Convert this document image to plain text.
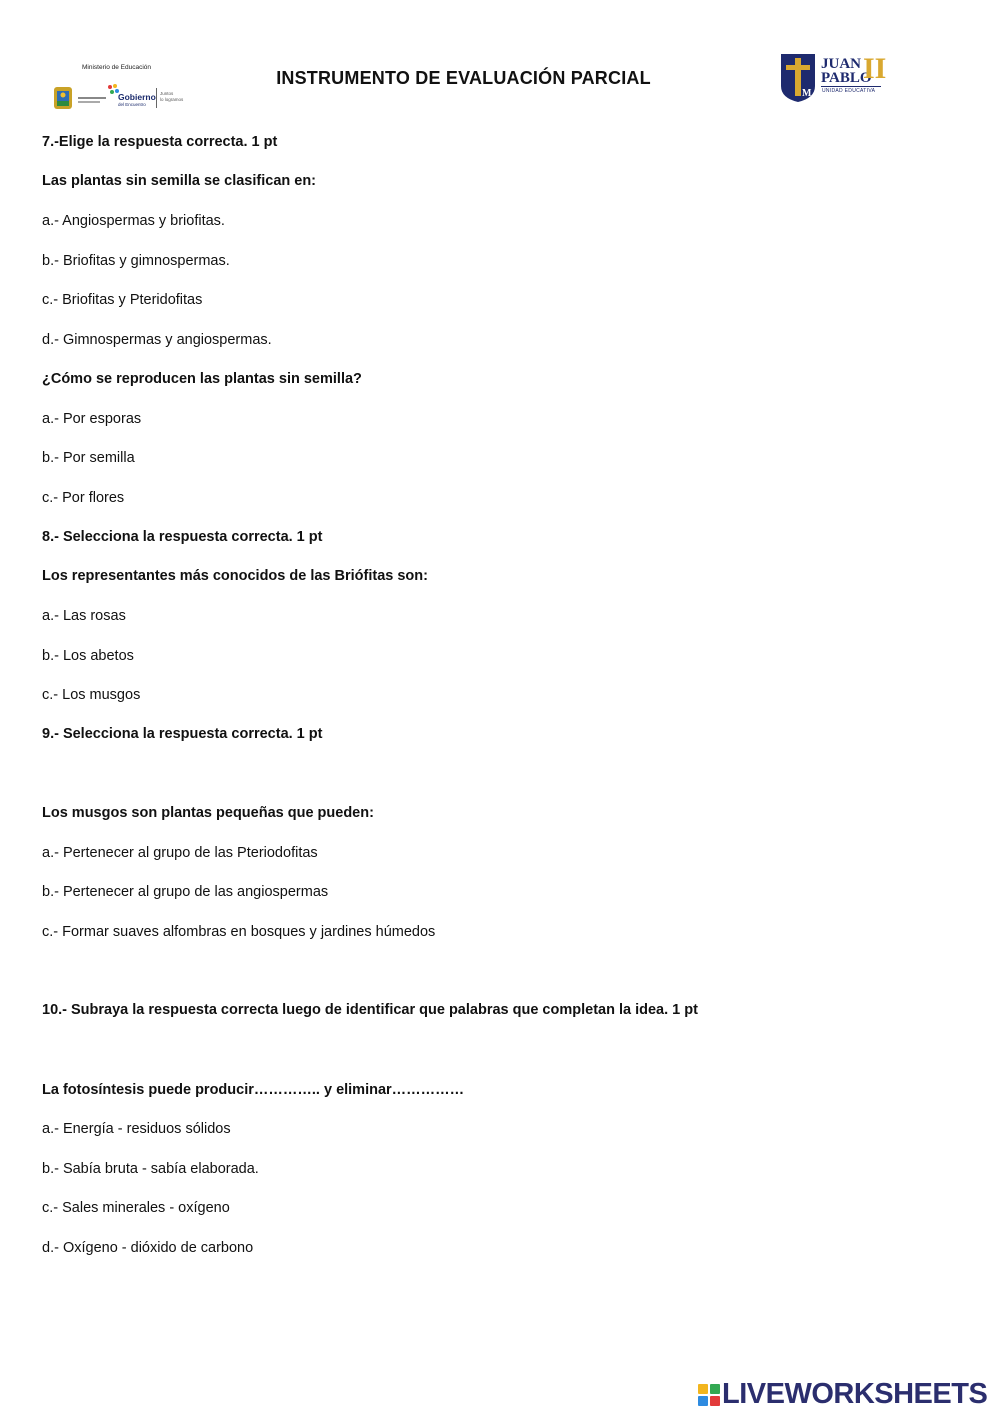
Ministerio de Educación
Gobierno
del Encuentro
Juntos
lo logramos
INSTRUMENTO DE EVALUACIÓN PARCIAL
M
JUAN
PABLO
II
UNIDAD EDUCATIVA
7.-Elige la respuesta correcta. 1 pt
Las plantas sin semilla se clasifican en:
a.- Angiospermas y briofitas.
b.- Briofitas y gimnospermas.
c.- Briofitas y Pteridofitas
d.- Gimnospermas y angiospermas.
¿Cómo se reproducen las plantas sin semilla?
a.- Por esporas
b.- Por semilla
c.- Por flores
8.- Selecciona la respuesta correcta. 1 pt
Los representantes más conocidos de las Briófitas son:
a.- Las rosas
b.- Los abetos
c.- Los musgos
9.- Selecciona la respuesta correcta. 1 pt
Los musgos son plantas pequeñas que pueden:
a.- Pertenecer al grupo de las Pteriodofitas
b.- Pertenecer al grupo de las angiospermas
c.- Formar suaves alfombras en bosques y jardines húmedos
10.- Subraya la respuesta correcta luego de identificar que palabras que completan la idea. 1 pt
La fotosíntesis puede producir………….. y eliminar……………
a.- Energía - residuos sólidos
b.- Sabía bruta - sabía elaborada.
c.- Sales minerales - oxígeno
d.- Oxígeno - dióxido de carbono
LIVEWORKSHEETS
